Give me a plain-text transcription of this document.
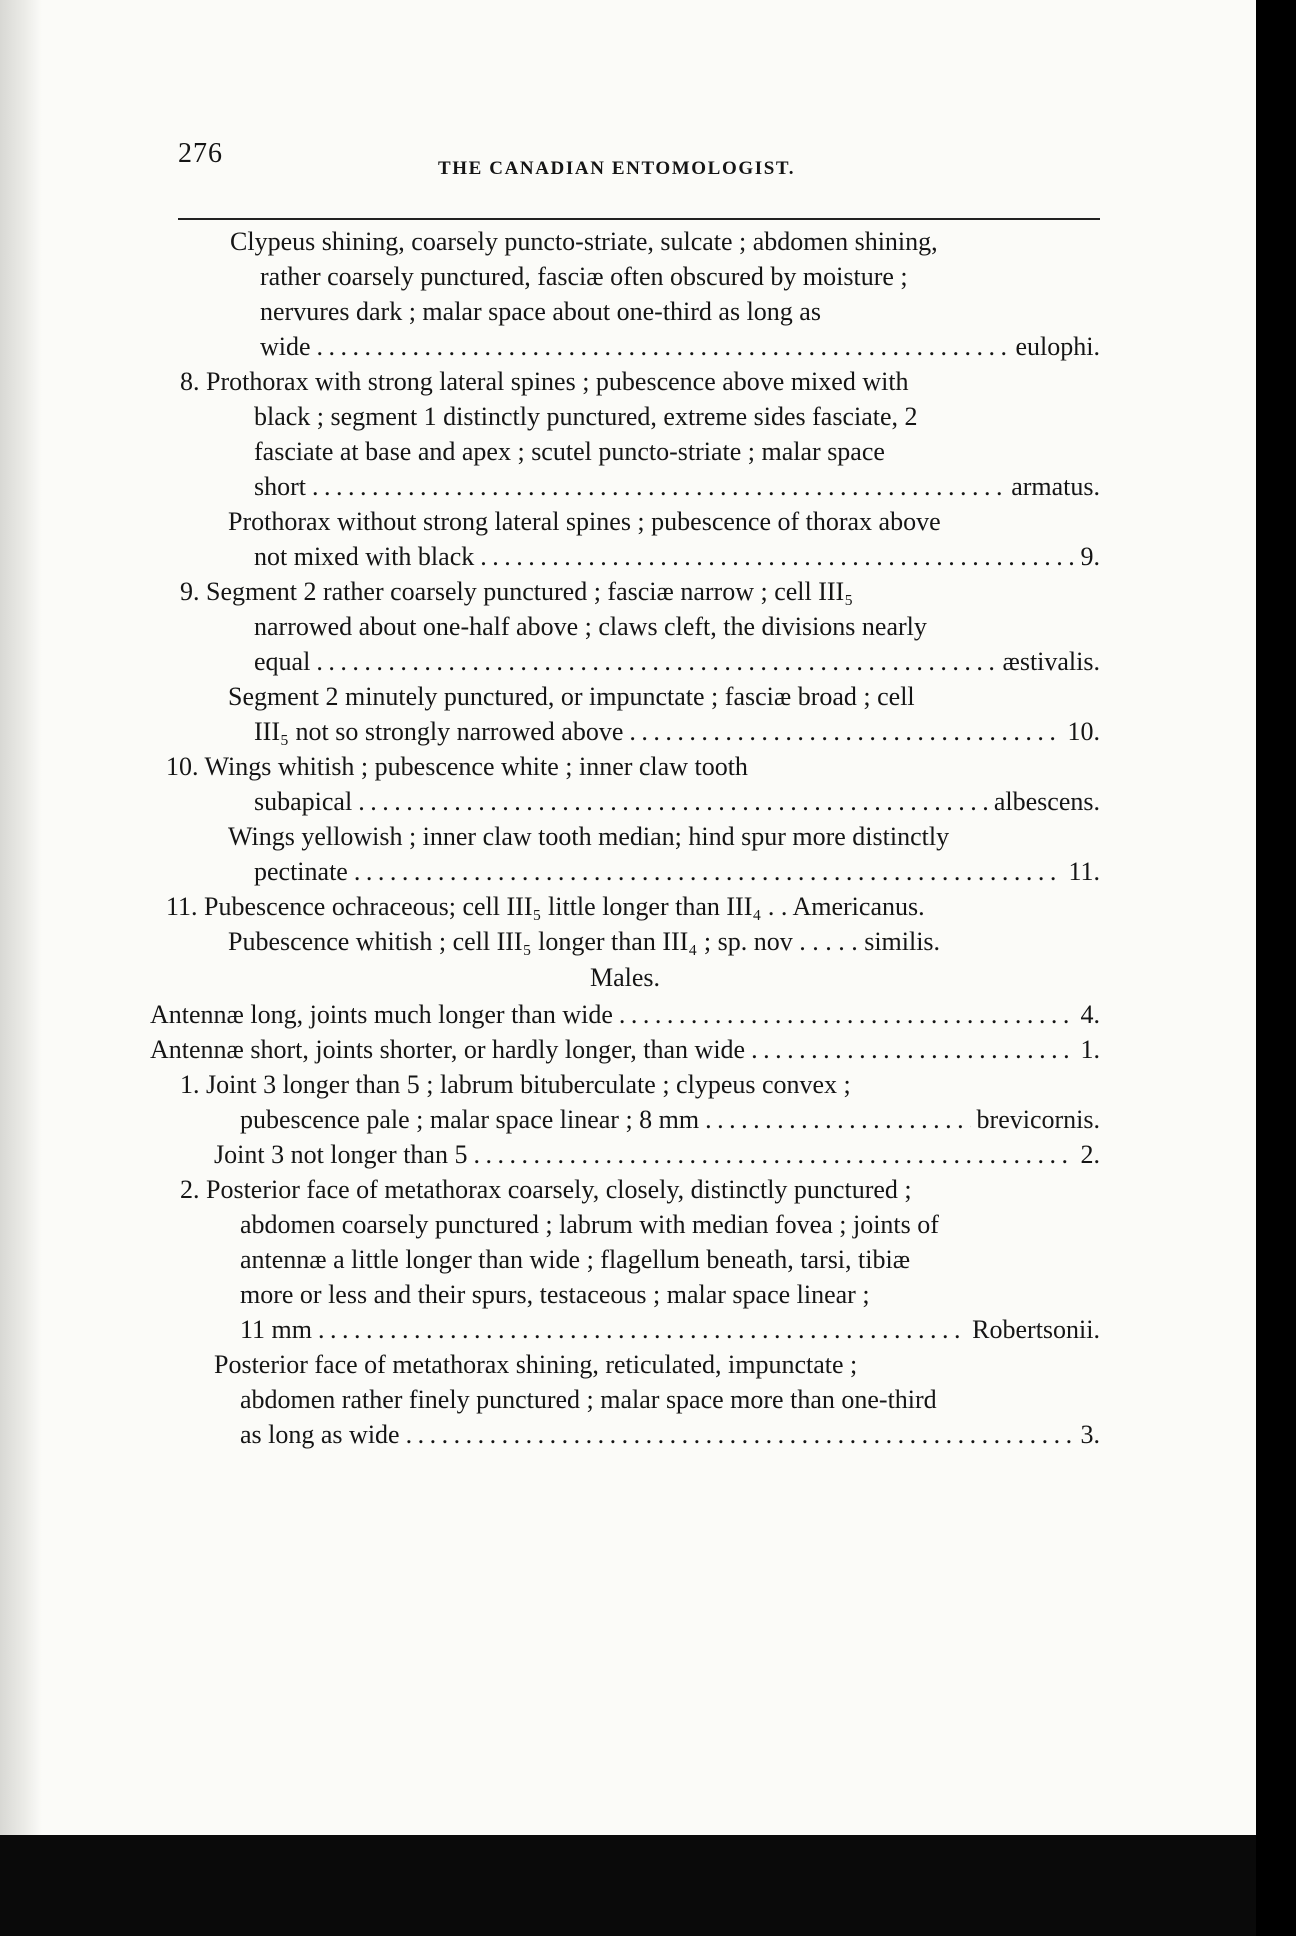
276	THE CANADIAN ENTOMOLOGIST.
Clypeus shining, coarsely puncto-striate, sulcate ; abdomen shining,
rather coarsely punctured, fasciæ often obscured by moisture ;
nervures dark ; malar space about one-third as long as
wide . . .	eulophi.
8. Prothorax with strong lateral spines ; pubescence above mixed with
black ; segment 1 distinctly punctured, extreme sides fasciate, 2
fasciate at base and apex ; scutel puncto-striate ; malar space
short . . .	armatus.
Prothorax without strong lateral spines ; pubescence of thorax above
not mixed with black . . .	9.
9. Segment 2 rather coarsely punctured ; fasciæ narrow ; cell III₅
narrowed about one-half above ; claws cleft, the divisions nearly
equal . . .	æstivalis.
Segment 2 minutely punctured, or impunctate ; fasciæ broad ; cell
III₅ not so strongly narrowed above . . .	10.
10. Wings whitish ; pubescence white ; inner claw tooth
subapical . . .	albescens.
Wings yellowish ; inner claw tooth median; hind spur more distinctly
pectinate . . .	11.
11. Pubescence ochraceous; cell III₅ little longer than III₄ . . Americanus.
Pubescence whitish ; cell III₅ longer than III₄ ; sp. nov . . . . . similis.
Males.
Antennæ long, joints much longer than wide . . .	4.
Antennæ short, joints shorter, or hardly longer, than wide . . .	1.
1. Joint 3 longer than 5 ; labrum bituberculate ; clypeus convex ;
pubescence pale ; malar space linear ; 8 mm . . .	brevicornis.
Joint 3 not longer than 5 . . .	2.
2. Posterior face of metathorax coarsely, closely, distinctly punctured ;
abdomen coarsely punctured ; labrum with median fovea ; joints of
antennæ a little longer than wide ; flagellum beneath, tarsi, tibiæ
more or less and their spurs, testaceous ; malar space linear ;
11 mm . . .	Robertsonii.
Posterior face of metathorax shining, reticulated, impunctate ;
abdomen rather finely punctured ; malar space more than one-third
as long as wide . . .	3.
